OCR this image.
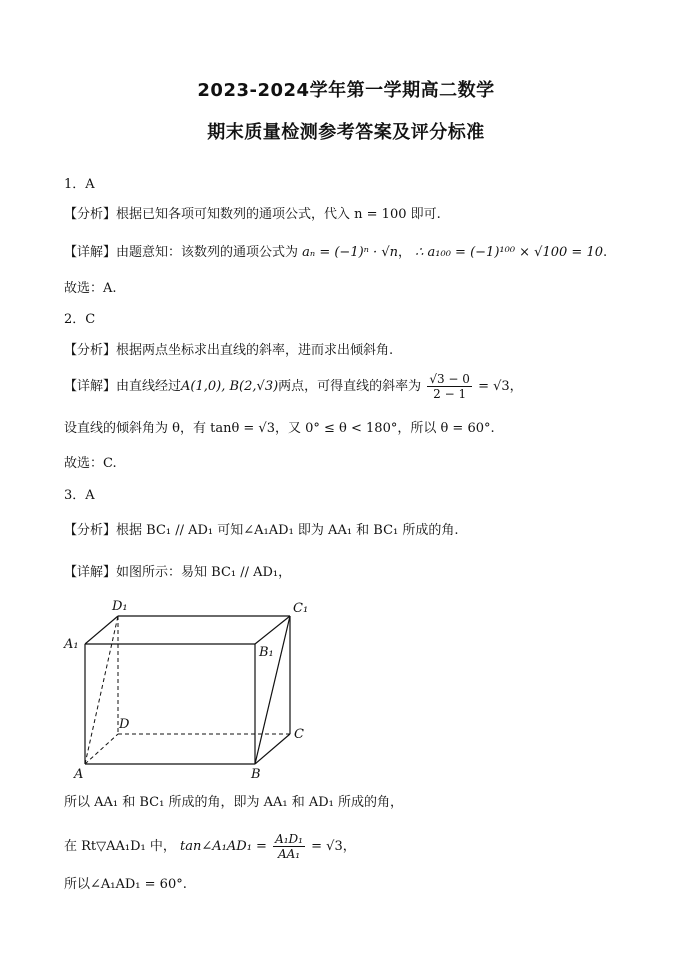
2023-2024学年第一学期高二数学
期末质量检测参考答案及评分标准
1．A
【分析】根据已知各项可知数列的通项公式，代入 n = 100 即可.
【详解】由题意知：该数列的通项公式为 aₙ = (−1)ⁿ · √n， ∴ a₁₀₀ = (−1)¹⁰⁰ × √100 = 10.
故选：A.
2．C
【分析】根据两点坐标求出直线的斜率，进而求出倾斜角.
【详解】由直线经过A(1,0), B(2,√3)两点，可得直线的斜率为 $\frac{√3 - 0}{2 - 1} = √3$，
设直线的倾斜角为 θ，有 tanθ = √3，又 0° ≤ θ < 180°，所以 θ = 60°.
故选：C.
3．A
【分析】根据 BC₁ // AD₁ 可知∠A₁AD₁ 即为 AA₁ 和 BC₁ 所成的角.
【详解】如图所示：易知 BC₁ // AD₁，
D₁	C₁
A₁
B₁
D
C
A	B
所以 AA₁ 和 BC₁ 所成的角，即为 AA₁ 和 AD₁ 所成的角，
在 Rt▽AA₁D₁ 中， tan∠A₁AD₁ = $\frac{\text{A₁D₁}}{\text{AA₁}} = √3$，
所以∠A₁AD₁ = 60°.
